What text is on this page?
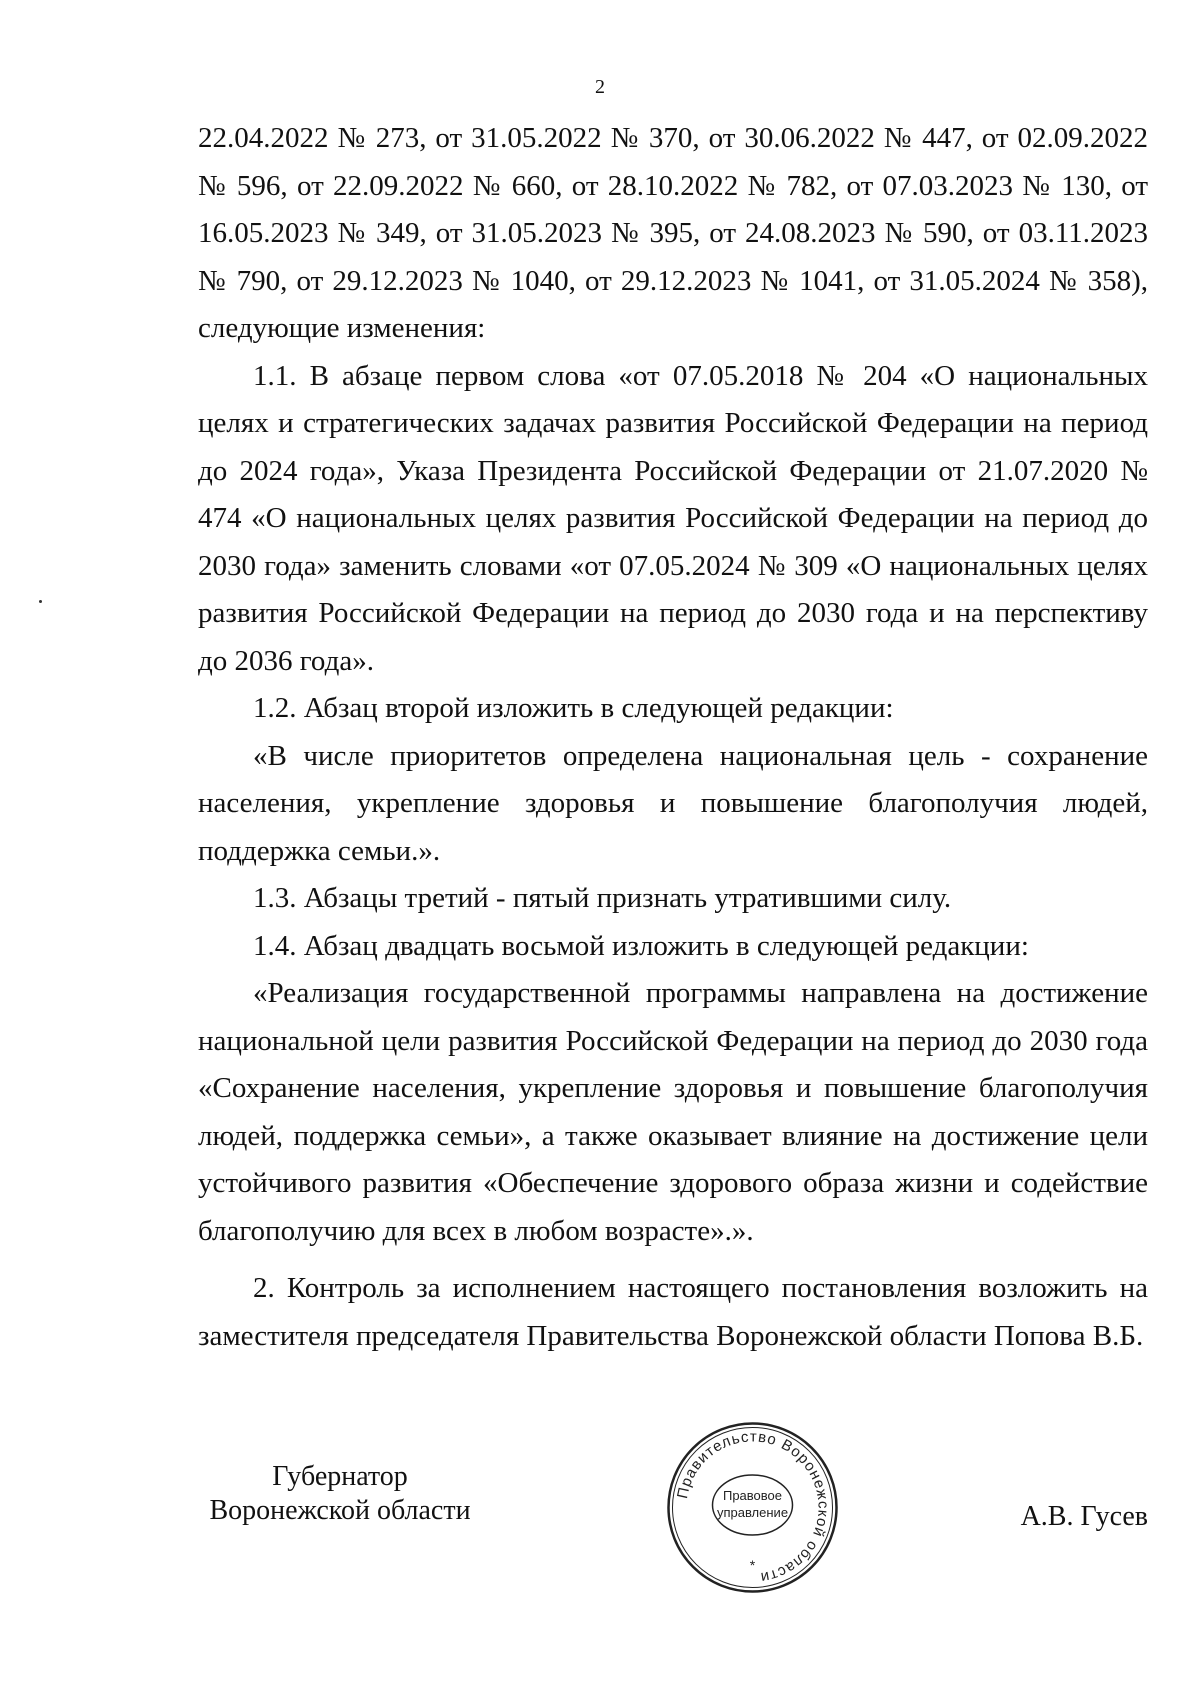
2

22.04.2022 № 273, от 31.05.2022 № 370, от 30.06.2022 № 447, от 02.09.2022 № 596, от 22.09.2022 № 660, от 28.10.2022 № 782, от 07.03.2023 № 130, от 16.05.2023 № 349, от 31.05.2023 № 395, от 24.08.2023 № 590, от 03.11.2023 № 790, от 29.12.2023 № 1040, от 29.12.2023 № 1041, от 31.05.2024 № 358), следующие изменения:

1.1. В абзаце первом слова «от 07.05.2018 № 204 «О национальных целях и стратегических задачах развития Российской Федерации на период до 2024 года», Указа Президента Российской Федерации от 21.07.2020 № 474 «О национальных целях развития Российской Федерации на период до 2030 года» заменить словами «от 07.05.2024 № 309 «О национальных целях развития Российской Федерации на период до 2030 года и на перспективу до 2036 года».

1.2. Абзац второй изложить в следующей редакции:

«В числе приоритетов определена национальная цель - сохранение населения, укрепление здоровья и повышение благополучия людей, поддержка семьи.».

1.3. Абзацы третий - пятый признать утратившими силу.

1.4. Абзац двадцать восьмой изложить в следующей редакции:

«Реализация государственной программы направлена на достижение национальной цели развития Российской Федерации на период до 2030 года «Сохранение населения, укрепление здоровья и повышение благополучия людей, поддержка семьи», а также оказывает влияние на достижение цели устойчивого развития «Обеспечение здорового образа жизни и содействие благополучию для всех в любом возрасте».».

2. Контроль за исполнением настоящего постановления возложить на заместителя председателя Правительства Воронежской области Попова В.Б.

Губернатор
Воронежской области
Правительство Воронежской области
Правовое
управление
*
А.В. Гусев
